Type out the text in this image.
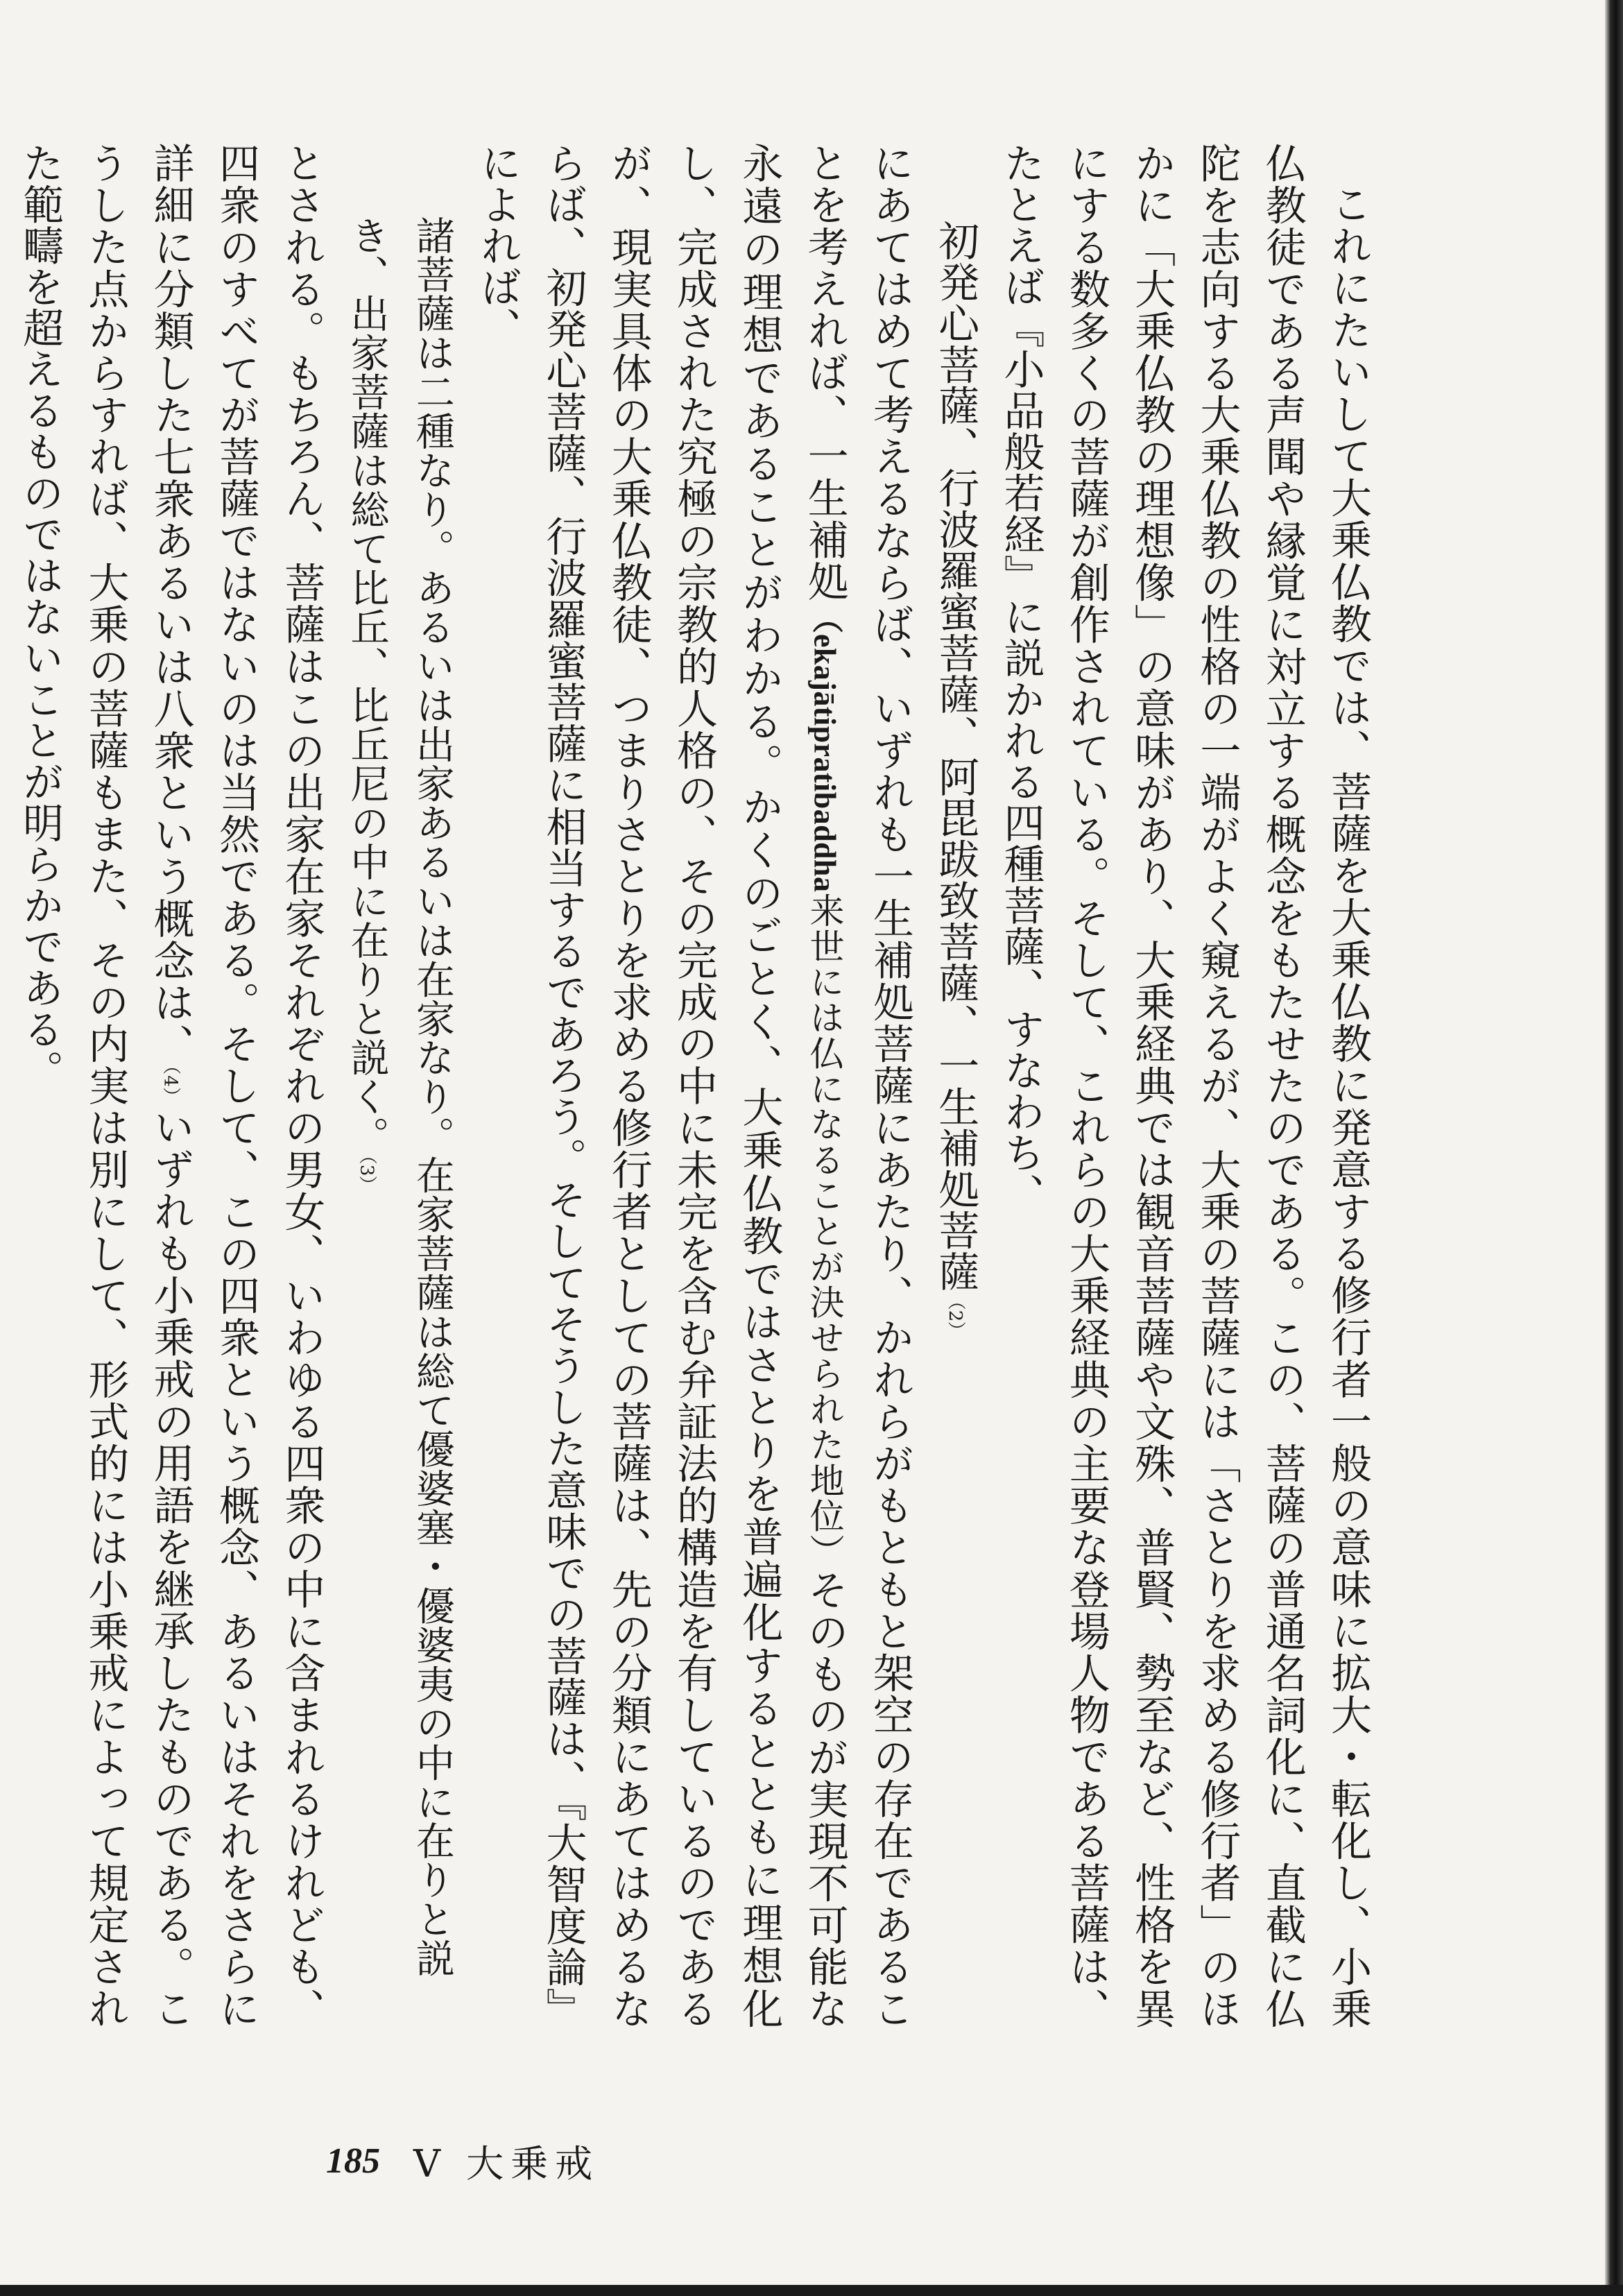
これにたいして大乗仏教では、菩薩を大乗仏教に発意する修行者一般の意味に拡大・転化し、小乗仏教徒である声聞や縁覚に対立する概念をもたせたのである。この、菩薩の普通名詞化に、直截に仏陀を志向する大乗仏教の性格の一端がよく窺えるが、大乗の菩薩には「さとりを求める修行者」のほかに「大乗仏教の理想像」の意味があり、大乗経典では観音菩薩や文殊、普賢、勢至など、性格を異にする数多くの菩薩が創作されている。そして、これらの大乗経典の主要な登場人物である菩薩は、たとえば『小品般若経』に説かれる四種菩薩、すなわち、

初発心菩薩、行波羅蜜菩薩、阿毘跋致菩薩、一生補処菩薩（2）

にあてはめて考えるならば、いずれも一生補処菩薩にあたり、かれらがもともと架空の存在であることを考えれば、一生補処（ekajātipratibaddha来世には仏になることが決せられた地位）そのものが実現不可能な永遠の理想であることがわかる。かくのごとく、大乗仏教ではさとりを普遍化するとともに理想化し、完成された究極の宗教的人格の、その完成の中に未完を含む弁証法的構造を有しているのであるが、現実具体の大乗仏教徒、つまりさとりを求める修行者としての菩薩は、先の分類にあてはめるならば、初発心菩薩、行波羅蜜菩薩に相当するであろう。そしてそうした意味での菩薩は、『大智度論』によれば、

諸菩薩は二種なり。あるいは出家あるいは在家なり。在家菩薩は総て優婆塞・優婆夷の中に在りと説き、出家菩薩は総て比丘、比丘尼の中に在りと説く。（3）

とされる。もちろん、菩薩はこの出家在家それぞれの男女、いわゆる四衆の中に含まれるけれども、四衆のすべてが菩薩ではないのは当然である。そして、この四衆という概念、あるいはそれをさらに詳細に分類した七衆あるいは八衆という概念は、（4）いずれも小乗戒の用語を継承したものである。こうした点からすれば、大乗の菩薩もまた、その内実は別にして、形式的には小乗戒によって規定された範疇を超えるものではないことが明らかである。

185 V 大乗戒
